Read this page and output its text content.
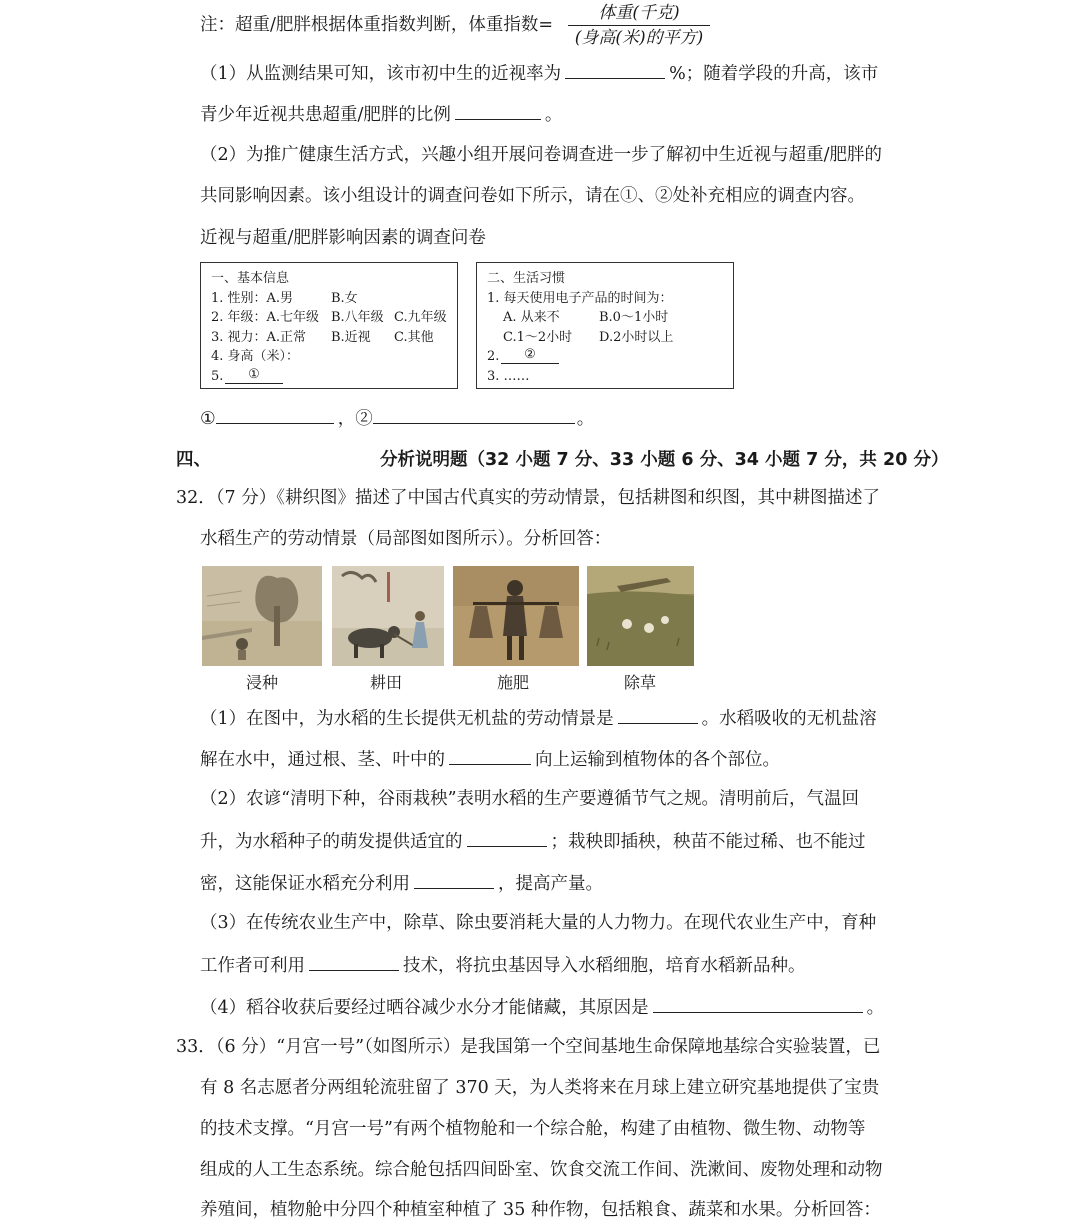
注：超重/肥胖根据体重指数判断，体重指数=
体重(千克)
(身高(米)的平方)
（1）从监测结果可知，该市初中生的近视率为	%；随着学段的升高，该市
青少年近视共患超重/肥胖的比例	。
（2）为推广健康生活方式，兴趣小组开展问卷调查进一步了解初中生近视与超重/肥胖的
共同影响因素。该小组设计的调查问卷如下所示，请在①、②处补充相应的调查内容。
近视与超重/肥胖影响因素的调查问卷
一、基本信息
1. 性别：A.男	B.女
2. 年级：A.七年级 B.八年级 C.九年级
3. 视力：A.正常 B.近视 C.其他
4. 身高（米）：
5.	①
二、生活习惯
1. 每天使用电子产品的时间为：
A. 从来不	B.0～1小时
C.1～2小时 D.2小时以上
2.	②
3. ……
①	，②	。
四、	分析说明题（32 小题 7 分、33 小题 6 分、34 小题 7 分，共 20 分）
32．（7 分）《耕织图》描述了中国古代真实的劳动情景，包括耕图和织图，其中耕图描述了
水稻生产的劳动情景（局部图如图所示）。分析回答：
浸种	耕田	施肥	除草
（1）在图中，为水稻的生长提供无机盐的劳动情景是	。水稻吸收的无机盐溶
解在水中，通过根、茎、叶中的	向上运输到植物体的各个部位。
（2）农谚“清明下种，谷雨栽秧”表明水稻的生产要遵循节气之规。清明前后，气温回
升，为水稻种子的萌发提供适宜的	；栽秧即插秧，秧苗不能过稀、也不能过
密，这能保证水稻充分利用	，提高产量。
（3）在传统农业生产中，除草、除虫要消耗大量的人力物力。在现代农业生产中，育种
工作者可利用	技术，将抗虫基因导入水稻细胞，培育水稻新品种。
（4）稻谷收获后要经过晒谷减少水分才能储藏，其原因是	。
33．（6 分）“月宫一号”（如图所示）是我国第一个空间基地生命保障地基综合实验装置，已
有 8 名志愿者分两组轮流驻留了 370 天，为人类将来在月球上建立研究基地提供了宝贵
的技术支撑。“月宫一号”有两个植物舱和一个综合舱，构建了由植物、微生物、动物等
组成的人工生态系统。综合舱包括四间卧室、饮食交流工作间、洗漱间、废物处理和动物
养殖间，植物舱中分四个种植室种植了 35 种作物，包括粮食、蔬菜和水果。分析回答：
